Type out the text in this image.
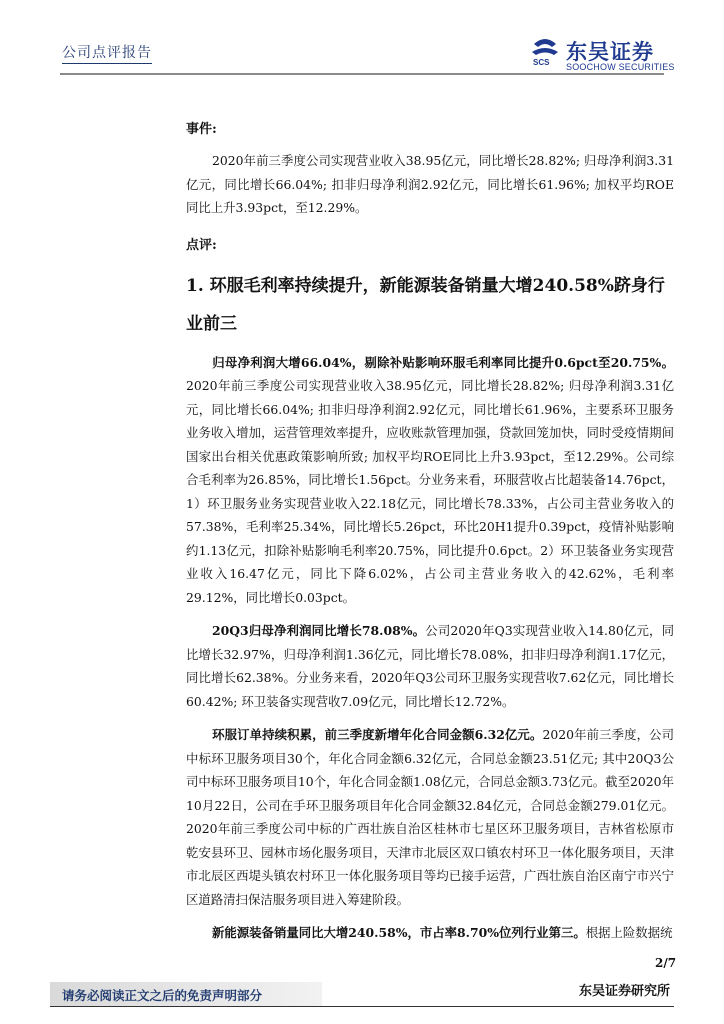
公司点评报告
SCS 东吴证券
SOOCHOW SECURITIES
事件:

2020年前三季度公司实现营业收入38.95亿元，同比增长28.82%; 归母净利润3.31亿元，同比增长66.04%; 扣非归母净利润2.92亿元，同比增长61.96%; 加权平均ROE同比上升3.93pct，至12.29%。

点评:
1. 环服毛利率持续提升，新能源装备销量大增240.58%跻身行业前三

归母净利润大增66.04%，剔除补贴影响环服毛利率同比提升0.6pct至20.75%。2020年前三季度公司实现营业收入38.95亿元，同比增长28.82%; 归母净利润3.31亿元，同比增长66.04%; 扣非归母净利润2.92亿元，同比增长61.96%，主要系环卫服务业务收入增加，运营管理效率提升，应收账款管理加强，贷款回笼加快，同时受疫情期间国家出台相关优惠政策影响所致; 加权平均ROE同比上升3.93pct，至12.29%。公司综合毛利率为26.85%，同比增长1.56pct。分业务来看，环服营收占比超装备14.76pct，1）环卫服务业务实现营业收入22.18亿元，同比增长78.33%，占公司主营业务收入的57.38%，毛利率25.34%，同比增长5.26pct，环比20H1提升0.39pct，疫情补贴影响约1.13亿元，扣除补贴影响毛利率20.75%，同比提升0.6pct。2）环卫装备业务实现营业收入16.47亿元，同比下降6.02%，占公司主营业务收入的42.62%，毛利率29.12%，同比增长0.03pct。

20Q3归母净利润同比增长78.08%。公司2020年Q3实现营业收入14.80亿元，同比增长32.97%，归母净利润1.36亿元，同比增长78.08%，扣非归母净利润1.17亿元，同比增长62.38%。分业务来看，2020年Q3公司环卫服务实现营收7.62亿元，同比增长60.42%; 环卫装备实现营收7.09亿元，同比增长12.72%。

环服订单持续积累，前三季度新增年化合同金额6.32亿元。2020年前三季度，公司中标环卫服务项目30个，年化合同金额6.32亿元，合同总金额23.51亿元; 其中20Q3公司中标环卫服务项目10个，年化合同金额1.08亿元，合同总金额3.73亿元。截至2020年10月22日，公司在手环卫服务项目年化合同金额32.84亿元，合同总金额279.01亿元。2020年前三季度公司中标的广西壮族自治区桂林市七星区环卫服务项目，吉林省松原市乾安县环卫、园林市场化服务项目，天津市北辰区双口镇农村环卫一体化服务项目，天津市北辰区西堤头镇农村环卫一体化服务项目等均已接手运营，广西壮族自治区南宁市兴宁区道路清扫保洁服务项目进入筹建阶段。

新能源装备销量同比大增240.58%，市占率8.70%位列行业第三。根据上险数据统

2/7
请务必阅读正文之后的免责声明部分	东吴证券研究所
